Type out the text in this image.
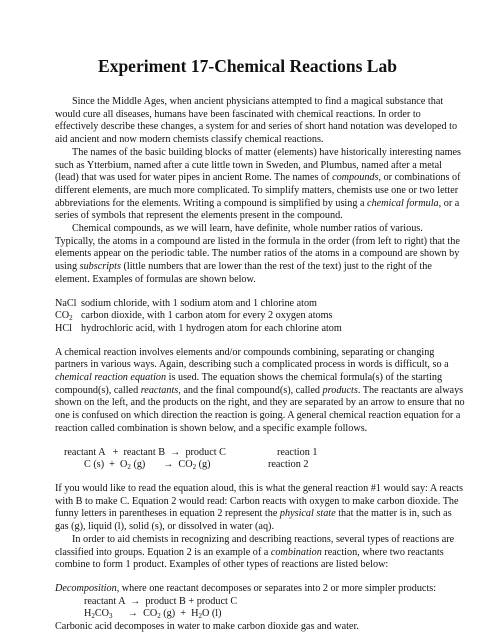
Experiment 17-Chemical Reactions Lab

Since the Middle Ages, when ancient physicians attempted to find a magical substance that would cure all diseases, humans have been fascinated with chemical reactions. In order to effectively describe these changes, a system for and series of short hand notation was developed to aid ancient and now modern chemists classify chemical reactions.

The names of the basic building blocks of matter (elements) have historically interesting names such as Ytterbium, named after a cute little town in Sweden, and Plumbus, named after a metal (lead) that was used for water pipes in ancient Rome. The names of compounds, or combinations of different elements, are much more complicated. To simplify matters, chemists use one or two letter abbreviations for the elements. Writing a compound is simplified by using a chemical formula, or a series of symbols that represent the elements present in the compound.

Chemical compounds, as we will learn, have definite, whole number ratios of various. Typically, the atoms in a compound are listed in the formula in the order (from left to right) that the elements appear on the periodic table. The number ratios of the atoms in a compound are shown by using subscripts (little numbers that are lower than the rest of the text) just to the right of the element. Examples of formulas are shown below.

NaCl sodium chloride, with 1 sodium atom and 1 chlorine atom
$CO_2$ carbon dioxide, with 1 carbon atom for every 2 oxygen atoms
HCl hydrochloric acid, with 1 hydrogen atom for each chlorine atom

A chemical reaction involves elements and/or compounds combining, separating or changing partners in various ways. Again, describing such a complicated process in words is difficult, so a chemical reaction equation is used. The equation shows the chemical formula(s) of the starting compound(s), called reactants, and the final compound(s), called products. The reactants are always shown on the left, and the products on the right, and they are separated by an arrow to ensure that no one is confused on which direction the reaction is going. A general chemical reaction equation for a reaction called combination is shown below, and a specific example follows.

reactant A   +  reactant B  →  product C	reaction 1
C $(s) + O_2$ (g)       →  $CO_2$ (g)	reaction 2

If you would like to read the equation aloud, this is what the general reaction #1 would say: A reacts with B to make C. Equation 2 would read: Carbon reacts with oxygen to make carbon dioxide. The funny letters in parentheses in equation 2 represent the physical state that the matter is in, such as gas (g), liquid (l), solid (s), or dissolved in water (aq).

In order to aid chemists in recognizing and describing reactions, several types of reactions are classified into groups. Equation 2 is an example of a combination reaction, where two reactants combine to form 1 product. Examples of other types of reactions are listed below:

Decomposition, where one reactant decomposes or separates into 2 or more simpler products:

reactant A  →  product B + product C
$H_2CO_3$      →  $CO_2$ $(g) + H_2O$ (l)

Carbonic acid decomposes in water to make carbon dioxide gas and water.
